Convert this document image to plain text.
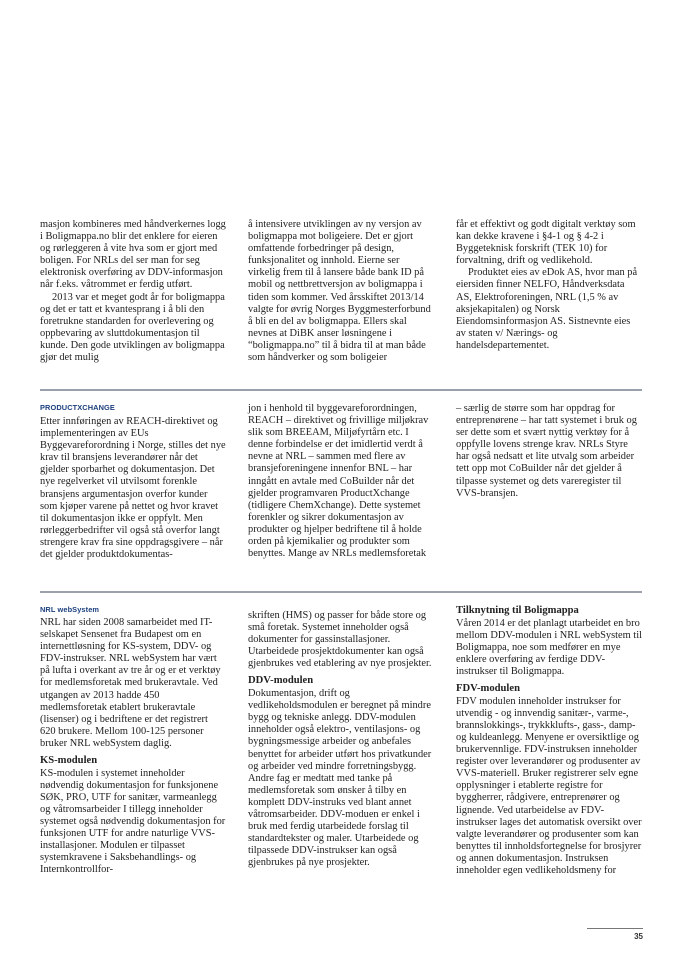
masjon kombineres med håndverkernes logg i Boligmappa.no blir det enklere for eieren og rørleggeren å vite hva som er gjort med boligen. For NRLs del ser man for seg elektronisk overføring av DDV-informasjon når f.eks. våtrommet er ferdig utført.

2013 var et meget godt år for boligmappa og det er tatt et kvantesprang i å bli den foretrukne standarden for overlevering og oppbevaring av sluttdokumentasjon til kunde. Den gode utviklingen av boligmappa gjør det mulig

å intensivere utviklingen av ny versjon av boligmappa mot boligeiere. Det er gjort omfattende forbedringer på design, funksjonalitet og innhold. Eierne ser virkelig frem til å lansere både bank ID på mobil og nettbrettversjon av boligmappa i tiden som kommer. Ved årsskiftet 2013/14 valgte for øvrig Norges Byggmesterforbund å bli en del av boligmappa. Ellers skal nevnes at DiBK anser løsningene i “boligmappa.no” til å bidra til at man både som håndverker og som boligeier

får et effektivt og godt digitalt verktøy som kan dekke kravene i §4-1 og § 4-2 i Byggeteknisk forskrift (TEK 10) for forvaltning, drift og vedlikehold.

Produktet eies av eDok AS, hvor man på eiersiden finner NELFO, Håndverksdata AS, Elektroforeningen, NRL (1,5 % av aksjekapitalen) og Norsk Eiendomsinformasjon AS. Sistnevnte eies av staten v/ Nærings- og handelsdepartementet.

PRODUCTXCHANGE

Etter innføringen av REACH-direktivet og implementeringen av EUs Byggevareforordning i Norge, stilles det nye krav til bransjens leverandører når det gjelder sporbarhet og dokumentasjon. Det nye regelverket vil utvilsomt forenkle bransjens argumentasjon overfor kunder som kjøper varene på nettet og hvor kravet til dokumentasjon ikke er oppfylt. Men rørleggerbedrifter vil også stå overfor langt strengere krav fra sine oppdragsgivere – når det gjelder produktdokumentas-

jon i henhold til byggevareforordningen, REACH – direktivet og frivillige miljøkrav slik som BREEAM, Miljøfyrtårn etc. I denne forbindelse er det imidlertid verdt å nevne at NRL – sammen med flere av bransjeforeningene innenfor BNL – har inngått en avtale med CoBuilder når det gjelder programvaren ProductXchange (tidligere ChemXchange). Dette systemet forenkler og sikrer dokumentasjon av produkter og hjelper bedriftene til å holde orden på kjemikalier og produkter som benyttes. Mange av NRLs medlemsforetak

– særlig de større som har oppdrag for entreprenørene – har tatt systemet i bruk og ser dette som et svært nyttig verktøy for å oppfylle lovens strenge krav. NRLs Styre har også nedsatt et lite utvalg som arbeider tett opp mot CoBuilder når det gjelder å tilpasse systemet og dets vareregister til VVS-bransjen.

NRL webSystem

NRL har siden 2008 samarbeidet med IT-selskapet Sensenet fra Budapest om en internettløsning for KS-system, DDV- og FDV-instrukser. NRL webSystem har vært på lufta i overkant av tre år og er et verktøy for medlemsforetak med brukeravtale. Ved utgangen av 2013 hadde 450 medlemsforetak etablert brukeravtale (lisenser) og i bedriftene er det registrert 620 brukere. Mellom 100-125 personer bruker NRL webSystem daglig.

KS-modulen

KS-modulen i systemet inneholder nødvendig dokumentasjon for funksjonene SØK, PRO, UTF for sanitær, varmeanlegg og våtromsarbeider I tillegg inneholder systemet også nødvendig dokumentasjon for funksjonen UTF for andre naturlige VVS-installasjoner. Modulen er tilpasset systemkravene i Saksbehandlings- og Internkontrollfor-

skriften (HMS) og passer for både store og små foretak. Systemet inneholder også dokumenter for gassinstallasjoner. Utarbeidede prosjektdokumenter kan også gjenbrukes ved etablering av nye prosjekter.

DDV-modulen

Dokumentasjon, drift og vedlikeholdsmodulen er beregnet på mindre bygg og tekniske anlegg. DDV-modulen inneholder også elektro-, ventilasjons- og bygningsmessige arbeider og anbefales benyttet for arbeider utført hos privatkunder og arbeider ved mindre forretningsbygg. Andre fag er medtatt med tanke på medlemsforetak som ønsker å tilby en komplett DDV-instruks ved blant annet våtromsarbeider. DDV-moduen er enkel i bruk med ferdig utarbeidede forslag til standardtekster og maler. Utarbeidede og tilpassede DDV-instrukser kan også gjenbrukes på nye prosjekter.

Tilknytning til Boligmappa

Våren 2014 er det planlagt utarbeidet en bro mellom DDV-modulen i NRL webSystem til Boligmappa, noe som medfører en mye enklere overføring av ferdige DDV-instrukser til Boligmappa.

FDV-modulen

FDV modulen inneholder instrukser for utvendig - og innvendig sanitær-, varme-, brannslokkings-, trykkklufts-, gass-, damp- og kuldeanlegg. Menyene er oversiktlige og brukervennlige. FDV-instruksen inneholder register over leverandører og produsenter av VVS-materiell. Bruker registrerer selv egne opplysninger i etablerte registre for byggherrer, rådgivere, entreprenører og lignende. Ved utarbeidelse av FDV-instrukser lages det automatisk oversikt over valgte leverandører og produsenter som kan benyttes til innholdsfortegnelse for brosjyrer og annen dokumentasjon. Instruksen inneholder egen vedlikeholdsmeny for

35
